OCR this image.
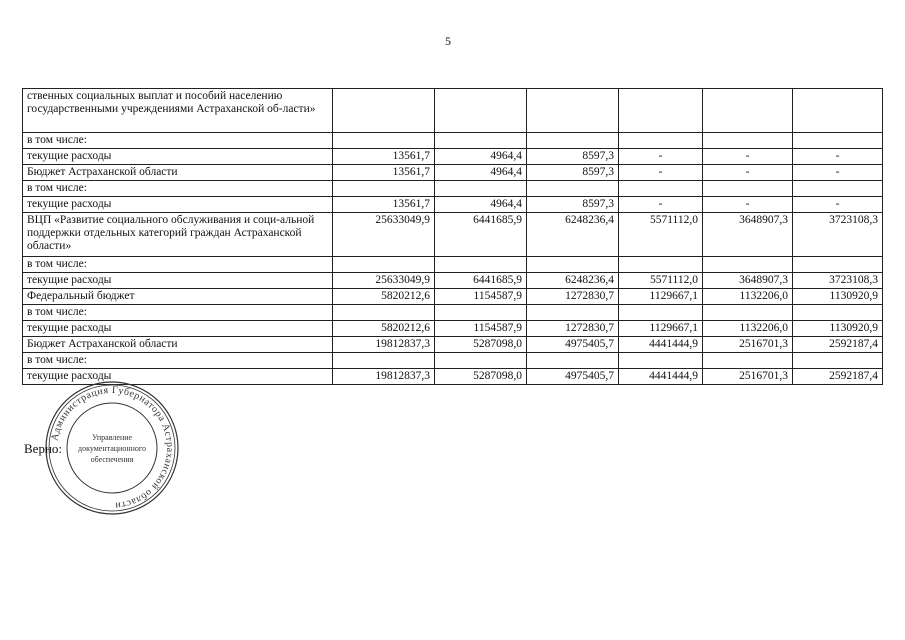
5
ственных социальных выплат и пособий населению государственными учреждениями Астраханской об-ласти»						
в том числе:						
текущие расходы	13561,7	4964,4	8597,3	-	-	-
Бюджет Астраханской области	13561,7	4964,4	8597,3	-	-	-
в том числе:						
текущие расходы	13561,7	4964,4	8597,3	-	-	-
ВЦП «Развитие социального обслуживания и соци-альной поддержки отдельных категорий граждан Астраханской области»	25633049,9	6441685,9	6248236,4	5571112,0	3648907,3	3723108,3
в том числе:						
текущие расходы	25633049,9	6441685,9	6248236,4	5571112,0	3648907,3	3723108,3
Федеральный бюджет	5820212,6	1154587,9	1272830,7	1129667,1	1132206,0	1130920,9
в том числе:						
текущие расходы	5820212,6	1154587,9	1272830,7	1129667,1	1132206,0	1130920,9
Бюджет Астраханской области	19812837,3	5287098,0	4975405,7	4441444,9	2516701,3	2592187,4
в том числе:						
текущие расходы	19812837,3	5287098,0	4975405,7	4441444,9	2516701,3	2592187,4
Администрация Губернатора Астраханской области
Управление
документационного
обеспечения
Верно:
